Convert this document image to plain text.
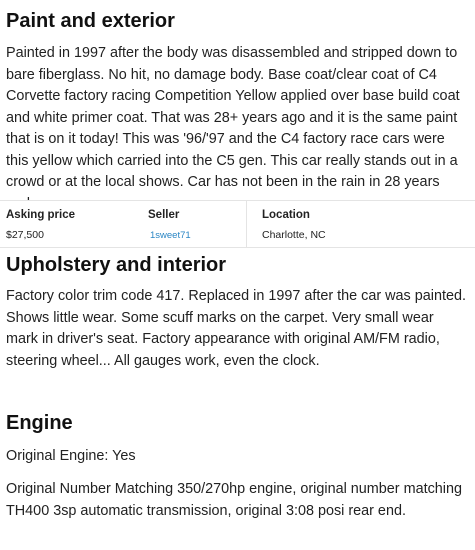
Paint and exterior

Painted in 1997 after the body was disassembled and stripped down to bare fiberglass. No hit, no damage body. Base coat/clear coat of C4 Corvette factory racing Competition Yellow applied over base build coat and white primer coat. That was 28+ years ago and it is the same paint that is on it today! This was '96/'97 and the C4 factory race cars were this yellow which carried into the C5 gen. This car really stands out in a crowd or at the local shows. Car has not been in the rain in 28 years

Asking price
$27,500
Seller
1sweet71
Location
Charlotte, NC
Upholstery and interior

Factory color trim code 417. Replaced in 1997 after the car was painted. Shows little wear. Some scuff marks on the carpet. Very small wear mark in driver's seat. Factory appearance with original AM/FM radio, steering wheel... All gauges work, even the clock.

Engine

Original Engine: Yes

Original Number Matching 350/270hp engine, original number matching TH400 3sp automatic transmission, original 3:08 posi rear end.
